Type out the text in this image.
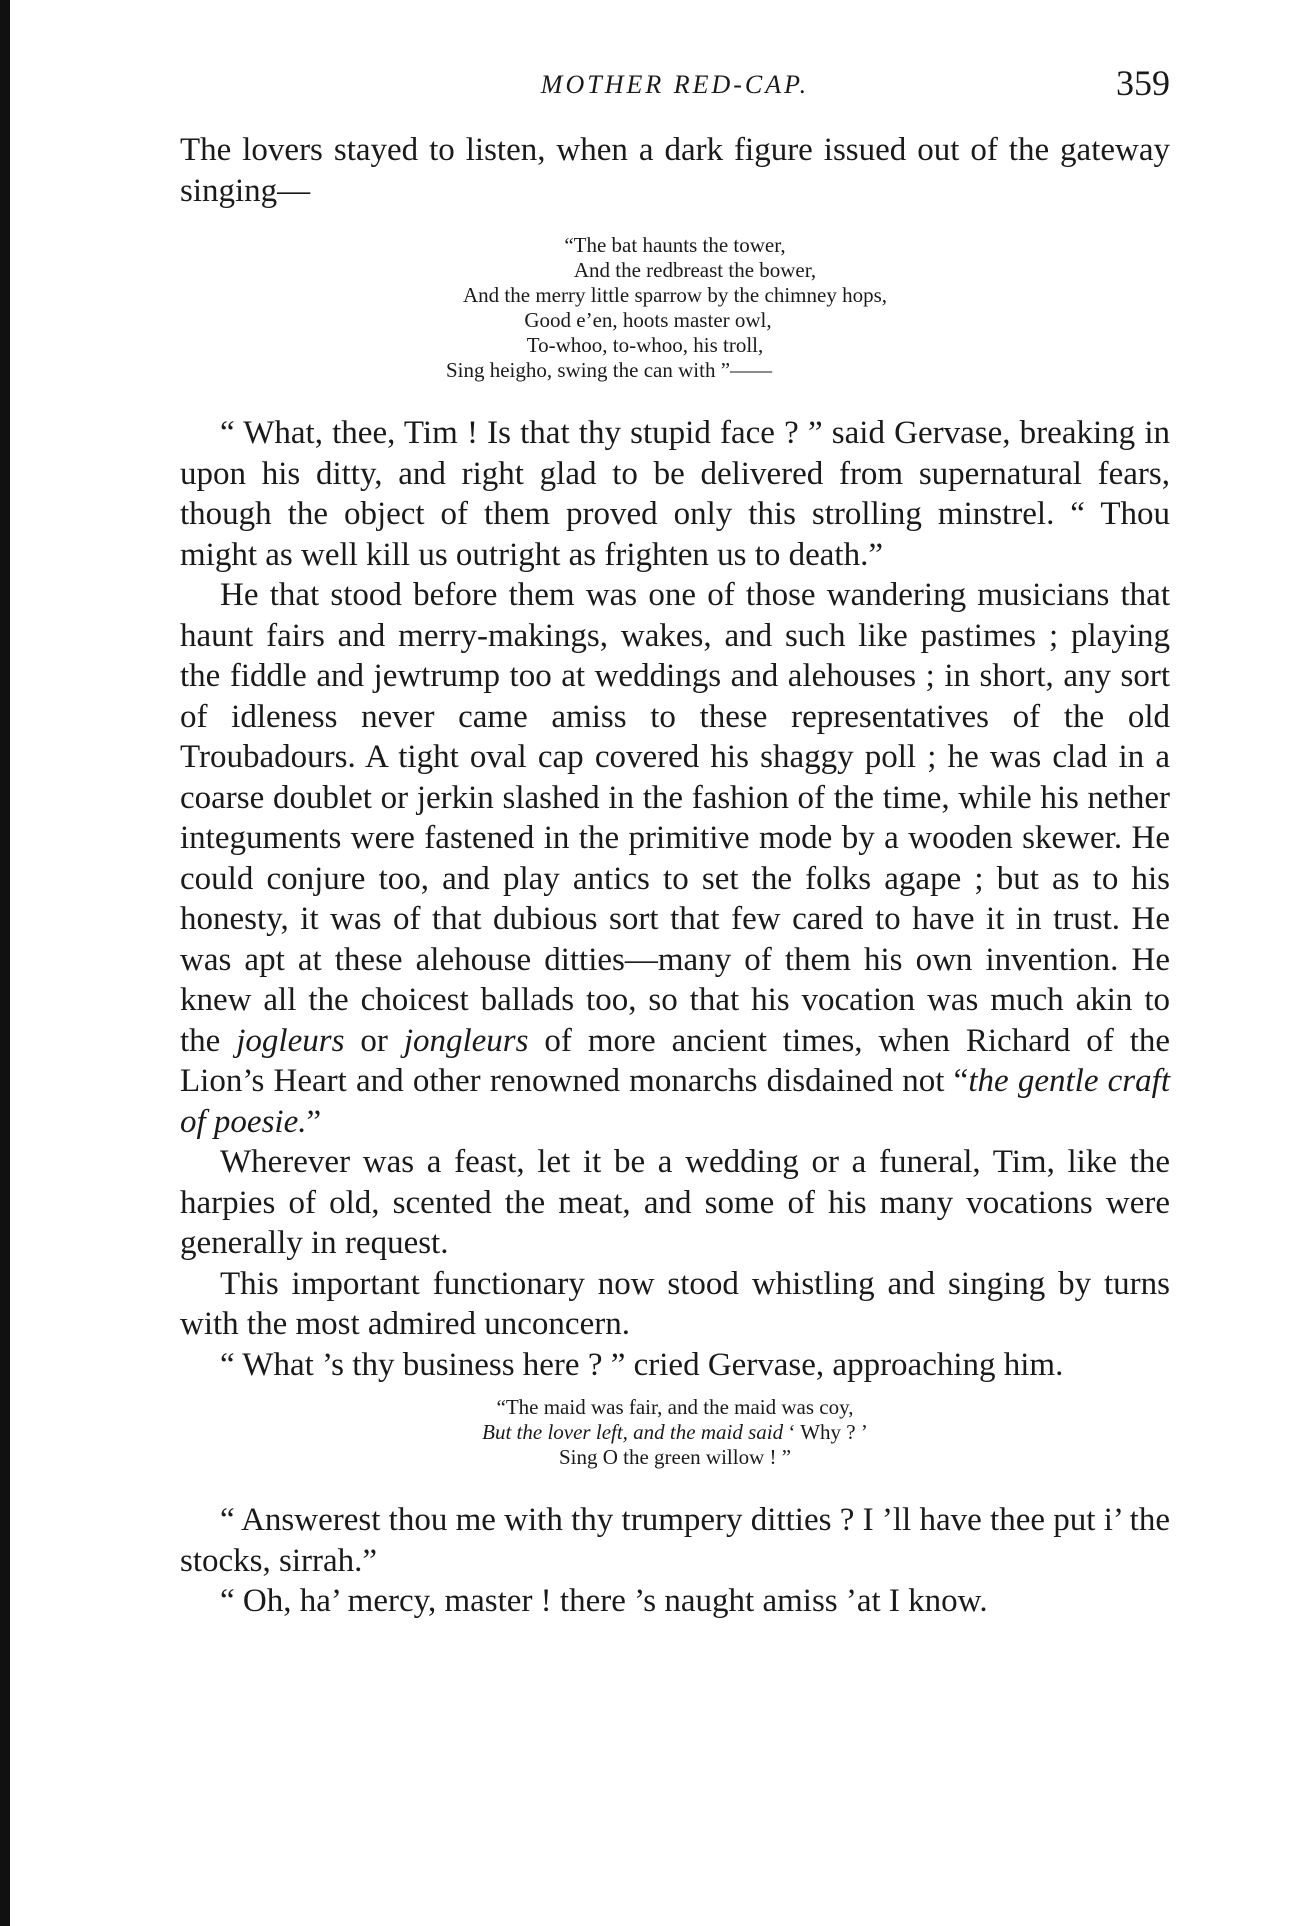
MOTHER RED-CAP.	359

The lovers stayed to listen, when a dark figure issued out of the gateway singing—

“The bat haunts the tower,
And the redbreast the bower,
And the merry little sparrow by the chimney hops,
Good e’en, hoots master owl,
To-whoo, to-whoo, his troll,
Sing heigho, swing the can with ”——

“ What, thee, Tim ! Is that thy stupid face ? ” said Gervase, breaking in upon his ditty, and right glad to be delivered from supernatural fears, though the object of them proved only this strolling minstrel. “ Thou might as well kill us outright as frighten us to death.”

He that stood before them was one of those wandering musicians that haunt fairs and merry-makings, wakes, and such like pastimes ; playing the fiddle and jewtrump too at weddings and alehouses ; in short, any sort of idleness never came amiss to these representatives of the old Troubadours. A tight oval cap covered his shaggy poll ; he was clad in a coarse doublet or jerkin slashed in the fashion of the time, while his nether integuments were fastened in the primitive mode by a wooden skewer. He could conjure too, and play antics to set the folks agape ; but as to his honesty, it was of that dubious sort that few cared to have it in trust. He was apt at these alehouse ditties—many of them his own invention. He knew all the choicest ballads too, so that his vocation was much akin to the jogleurs or jongleurs of more ancient times, when Richard of the Lion’s Heart and other renowned monarchs disdained not “the gentle craft of poesie.”

Wherever was a feast, let it be a wedding or a funeral, Tim, like the harpies of old, scented the meat, and some of his many vocations were generally in request.

This important functionary now stood whistling and singing by turns with the most admired unconcern.

“ What ’s thy business here ? ” cried Gervase, approaching him.

“The maid was fair, and the maid was coy,
But the lover left, and the maid said ‘ Why ? ’
Sing O the green willow ! ”

“ Answerest thou me with thy trumpery ditties ? I ’ll have thee put i’ the stocks, sirrah.”

“ Oh, ha’ mercy, master ! there ’s naught amiss ’at I know.
